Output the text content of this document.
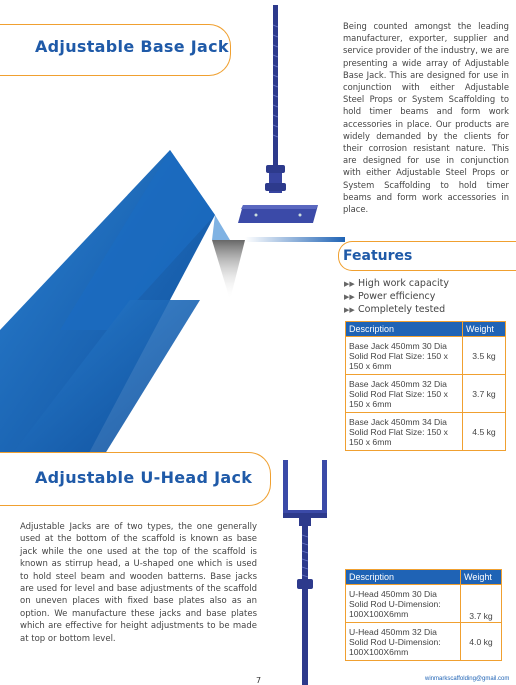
Adjustable Base Jack
Being counted amongst the leading manufacturer, exporter, supplier and service provider of the industry, we are presenting a wide array of Adjustable Base Jack. This are designed for use in conjunction with either Adjustable Steel Props or System Scaffolding to hold timer beams and form work accessories in place. Our products are widely demanded by the clients for their corrosion resistant nature. This are designed for use in conjunction with either Adjustable Steel Props or System Scaffolding to hold timer beams and form work accessories in place.
Features
▶▶ High work capacity
▶▶ Power efficiency
▶▶ Completely tested
Description	Weight
Base Jack 450mm 30 Dia Solid Rod Flat Size: 150 x 150 x 6mm	3.5 kg
Base Jack 450mm 32 Dia Solid Rod Flat Size: 150 x 150 x 6mm	3.7 kg
Base Jack 450mm 34 Dia Solid Rod Flat Size: 150 x 150 x 6mm	4.5 kg
Adjustable U-Head Jack
Adjustable Jacks are of two types, the one generally used at the bottom of the scaffold is known as base jack while the one used at the top of the scaffold is known as stirrup head, a U-shaped one which is used to hold steel beam and wooden batterns. Base jacks are used for level and base adjustments of the scaffold on uneven places with fixed base plates also as an option. We manufacture these jacks and base plates which are effective for height adjustments to be made at top or bottom level.
Description	Weight
U-Head 450mm 30 Dia Solid Rod U-Dimension: 100X100X6mm	3.7 kg
U-Head 450mm 32 Dia Solid Rod U-Dimension: 100X100X6mm	4.0 kg
7	winmarkscaffolding@gmail.com
